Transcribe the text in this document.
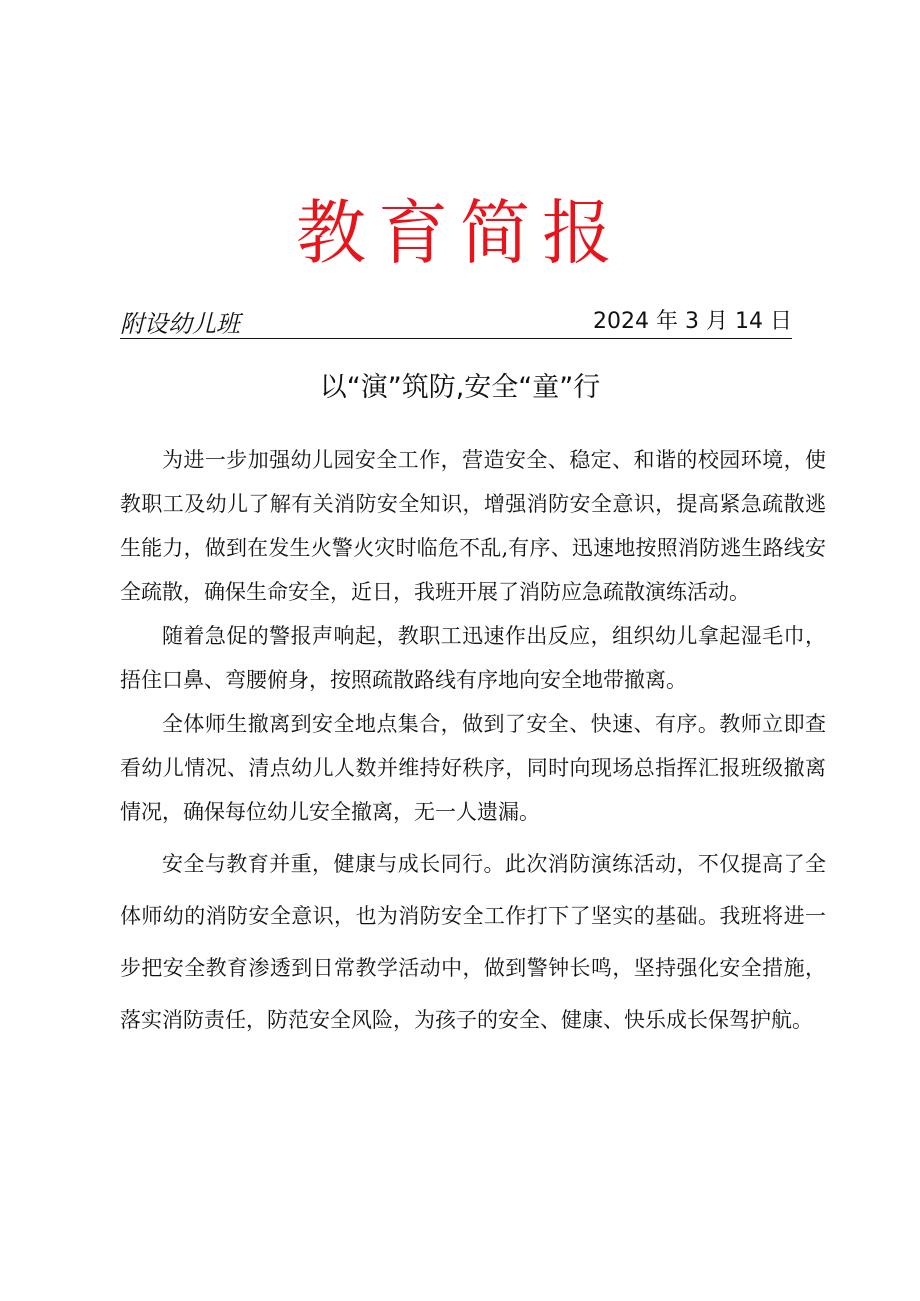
教育简报
附设幼儿班	2024 年 3 月 14 日
以“演”筑防,安全“童”行

为进一步加强幼儿园安全工作，营造安全、稳定、和谐的校园环境，使教职工及幼儿了解有关消防安全知识，增强消防安全意识，提高紧急疏散逃生能力，做到在发生火警火灾时临危不乱,有序、迅速地按照消防逃生路线安全疏散，确保生命安全，近日，我班开展了消防应急疏散演练活动。

随着急促的警报声响起，教职工迅速作出反应，组织幼儿拿起湿毛巾，捂住口鼻、弯腰俯身，按照疏散路线有序地向安全地带撤离。

全体师生撤离到安全地点集合，做到了安全、快速、有序。教师立即查看幼儿情况、清点幼儿人数并维持好秩序，同时向现场总指挥汇报班级撤离情况，确保每位幼儿安全撤离，无一人遗漏。

安全与教育并重，健康与成长同行。此次消防演练活动，不仅提高了全体师幼的消防安全意识，也为消防安全工作打下了坚实的基础。我班将进一步把安全教育渗透到日常教学活动中，做到警钟长鸣，坚持强化安全措施，落实消防责任，防范安全风险，为孩子的安全、健康、快乐成长保驾护航。
